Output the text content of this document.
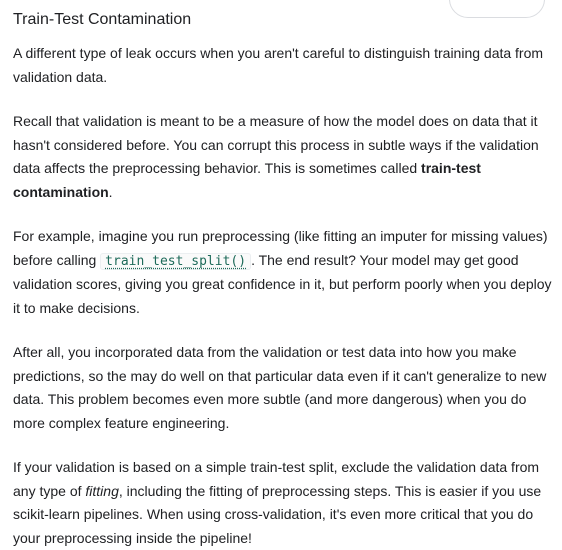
Train-Test Contamination

A different type of leak occurs when you aren't careful to distinguish training data from validation data.

Recall that validation is meant to be a measure of how the model does on data that it hasn't considered before. You can corrupt this process in subtle ways if the validation data affects the preprocessing behavior. This is sometimes called train-test contamination.

For example, imagine you run preprocessing (like fitting an imputer for missing values) before calling train_test_split() . The end result? Your model may get good validation scores, giving you great confidence in it, but perform poorly when you deploy it to make decisions.

After all, you incorporated data from the validation or test data into how you make predictions, so the may do well on that particular data even if it can't generalize to new data. This problem becomes even more subtle (and more dangerous) when you do more complex feature engineering.

If your validation is based on a simple train-test split, exclude the validation data from any type of fitting, including the fitting of preprocessing steps. This is easier if you use scikit-learn pipelines. When using cross-validation, it's even more critical that you do your preprocessing inside the pipeline!
